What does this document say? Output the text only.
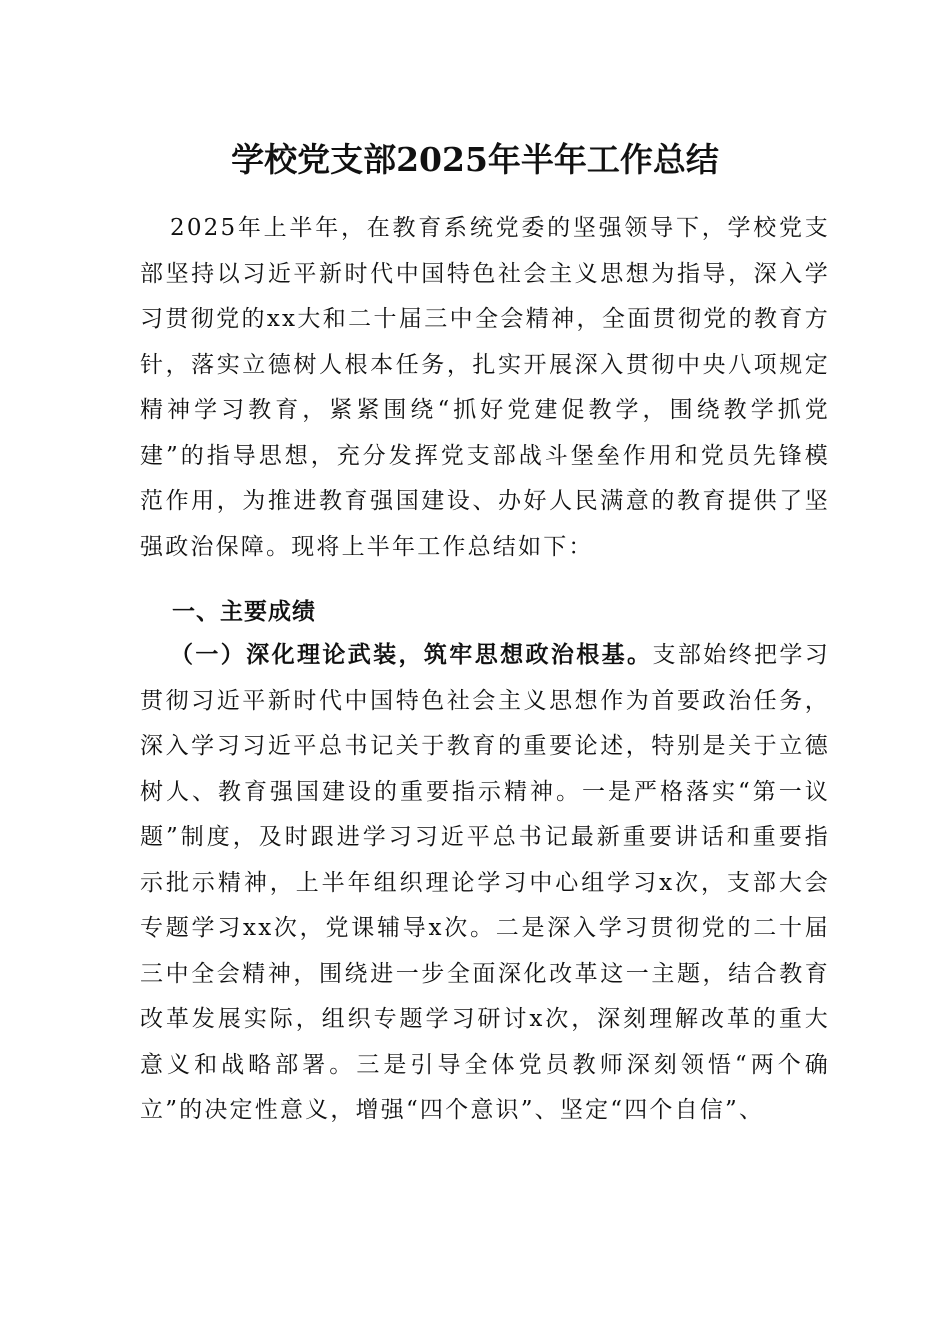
学校党支部2025年半年工作总结

2025年上半年，在教育系统党委的坚强领导下，学校党支部坚持以习近平新时代中国特色社会主义思想为指导，深入学习贯彻党的xx大和二十届三中全会精神，全面贯彻党的教育方针，落实立德树人根本任务，扎实开展深入贯彻中央八项规定精神学习教育，紧紧围绕“抓好党建促教学，围绕教学抓党建”的指导思想，充分发挥党支部战斗堡垒作用和党员先锋模范作用，为推进教育强国建设、办好人民满意的教育提供了坚强政治保障。现将上半年工作总结如下：

一、主要成绩

（一）深化理论武装，筑牢思想政治根基。支部始终把学习贯彻习近平新时代中国特色社会主义思想作为首要政治任务，深入学习习近平总书记关于教育的重要论述，特别是关于立德树人、教育强国建设的重要指示精神。一是严格落实“第一议题”制度，及时跟进学习习近平总书记最新重要讲话和重要指示批示精神，上半年组织理论学习中心组学习x次，支部大会专题学习xx次，党课辅导x次。二是深入学习贯彻党的二十届三中全会精神，围绕进一步全面深化改革这一主题，结合教育改革发展实际，组织专题学习研讨x次，深刻理解改革的重大意义和战略部署。三是引导全体党员教师深刻领悟“两个确立”的决定性意义，增强“四个意识”、坚定“四个自信”、
